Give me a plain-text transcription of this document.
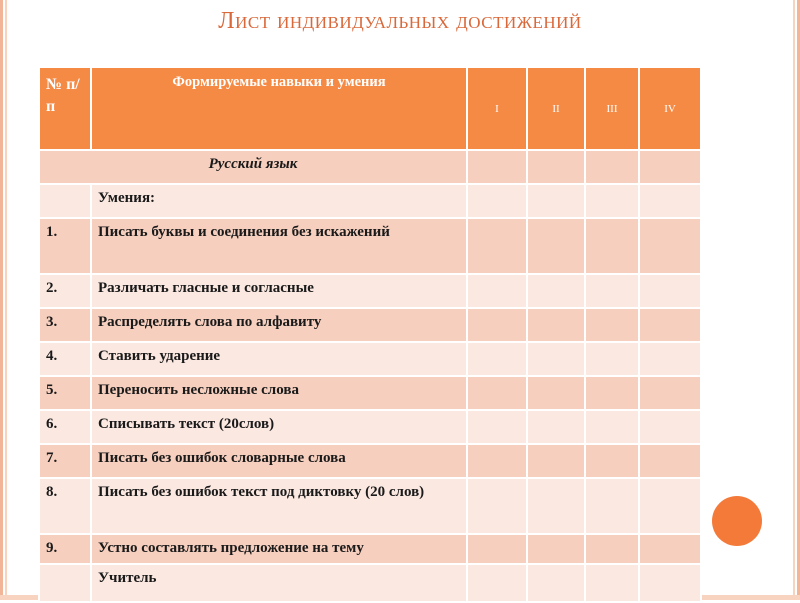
Лист индивидуальных достижений
№ п/п	Формируемые навыки и умения	I	II	III	IV
Русский язык					
	Умения:				
1.	Писать буквы и соединения без искажений				
2.	Различать гласные и согласные				
3.	Распределять слова по алфавиту				
4.	Ставить ударение				
5.	Переносить несложные слова				
6.	Списывать текст (20слов)				
7.	Писать без ошибок словарные слова				
8.	Писать без ошибок текст под диктовку (20 слов)				
9.	Устно составлять предложение на тему				
	Учитель				
